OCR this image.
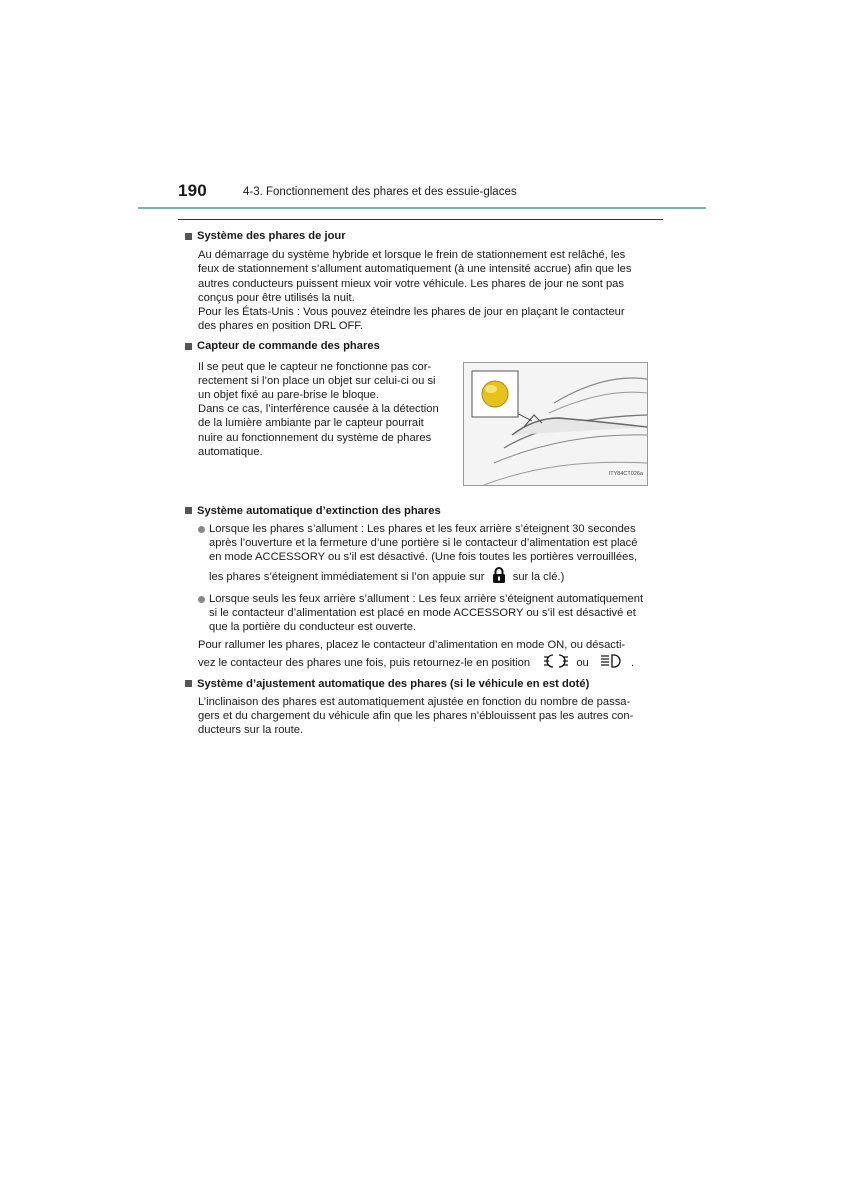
190	4-3. Fonctionnement des phares et des essuie-glaces
Système des phares de jour
Au démarrage du système hybride et lorsque le frein de stationnement est relâché, les
feux de stationnement s’allument automatiquement (à une intensité accrue) afin que les
autres conducteurs puissent mieux voir votre véhicule. Les phares de jour ne sont pas
conçus pour être utilisés la nuit.
Pour les États-Unis : Vous pouvez éteindre les phares de jour en plaçant le contacteur
des phares en position DRL OFF.
Capteur de commande des phares
Il se peut que le capteur ne fonctionne pas cor-
rectement si l’on place un objet sur celui-ci ou si
un objet fixé au pare-brise le bloque.
Dans ce cas, l’interférence causée à la détection
de la lumière ambiante par le capteur pourrait
nuire au fonctionnement du système de phares
automatique.
ITY84CT026a
Système automatique d’extinction des phares
Lorsque les phares s’allument : Les phares et les feux arrière s’éteignent 30 secondes
après l’ouverture et la fermeture d’une portière si le contacteur d’alimentation est placé
en mode ACCESSORY ou s’il est désactivé. (Une fois toutes les portières verrouillées,
les phares s’éteignent immédiatement si l’on appuie sur	sur la clé.)
Lorsque seuls les feux arrière s’allument : Les feux arrière s’éteignent automatiquement
si le contacteur d’alimentation est placé en mode ACCESSORY ou s’il est désactivé et
que la portière du conducteur est ouverte.
Pour rallumer les phares, placez le contacteur d’alimentation en mode ON, ou désacti-
vez le contacteur des phares une fois, puis retournez-le en position	ou	.
Système d’ajustement automatique des phares (si le véhicule en est doté)
L’inclinaison des phares est automatiquement ajustée en fonction du nombre de passa-
gers et du chargement du véhicule afin que les phares n’éblouissent pas les autres con-
ducteurs sur la route.
